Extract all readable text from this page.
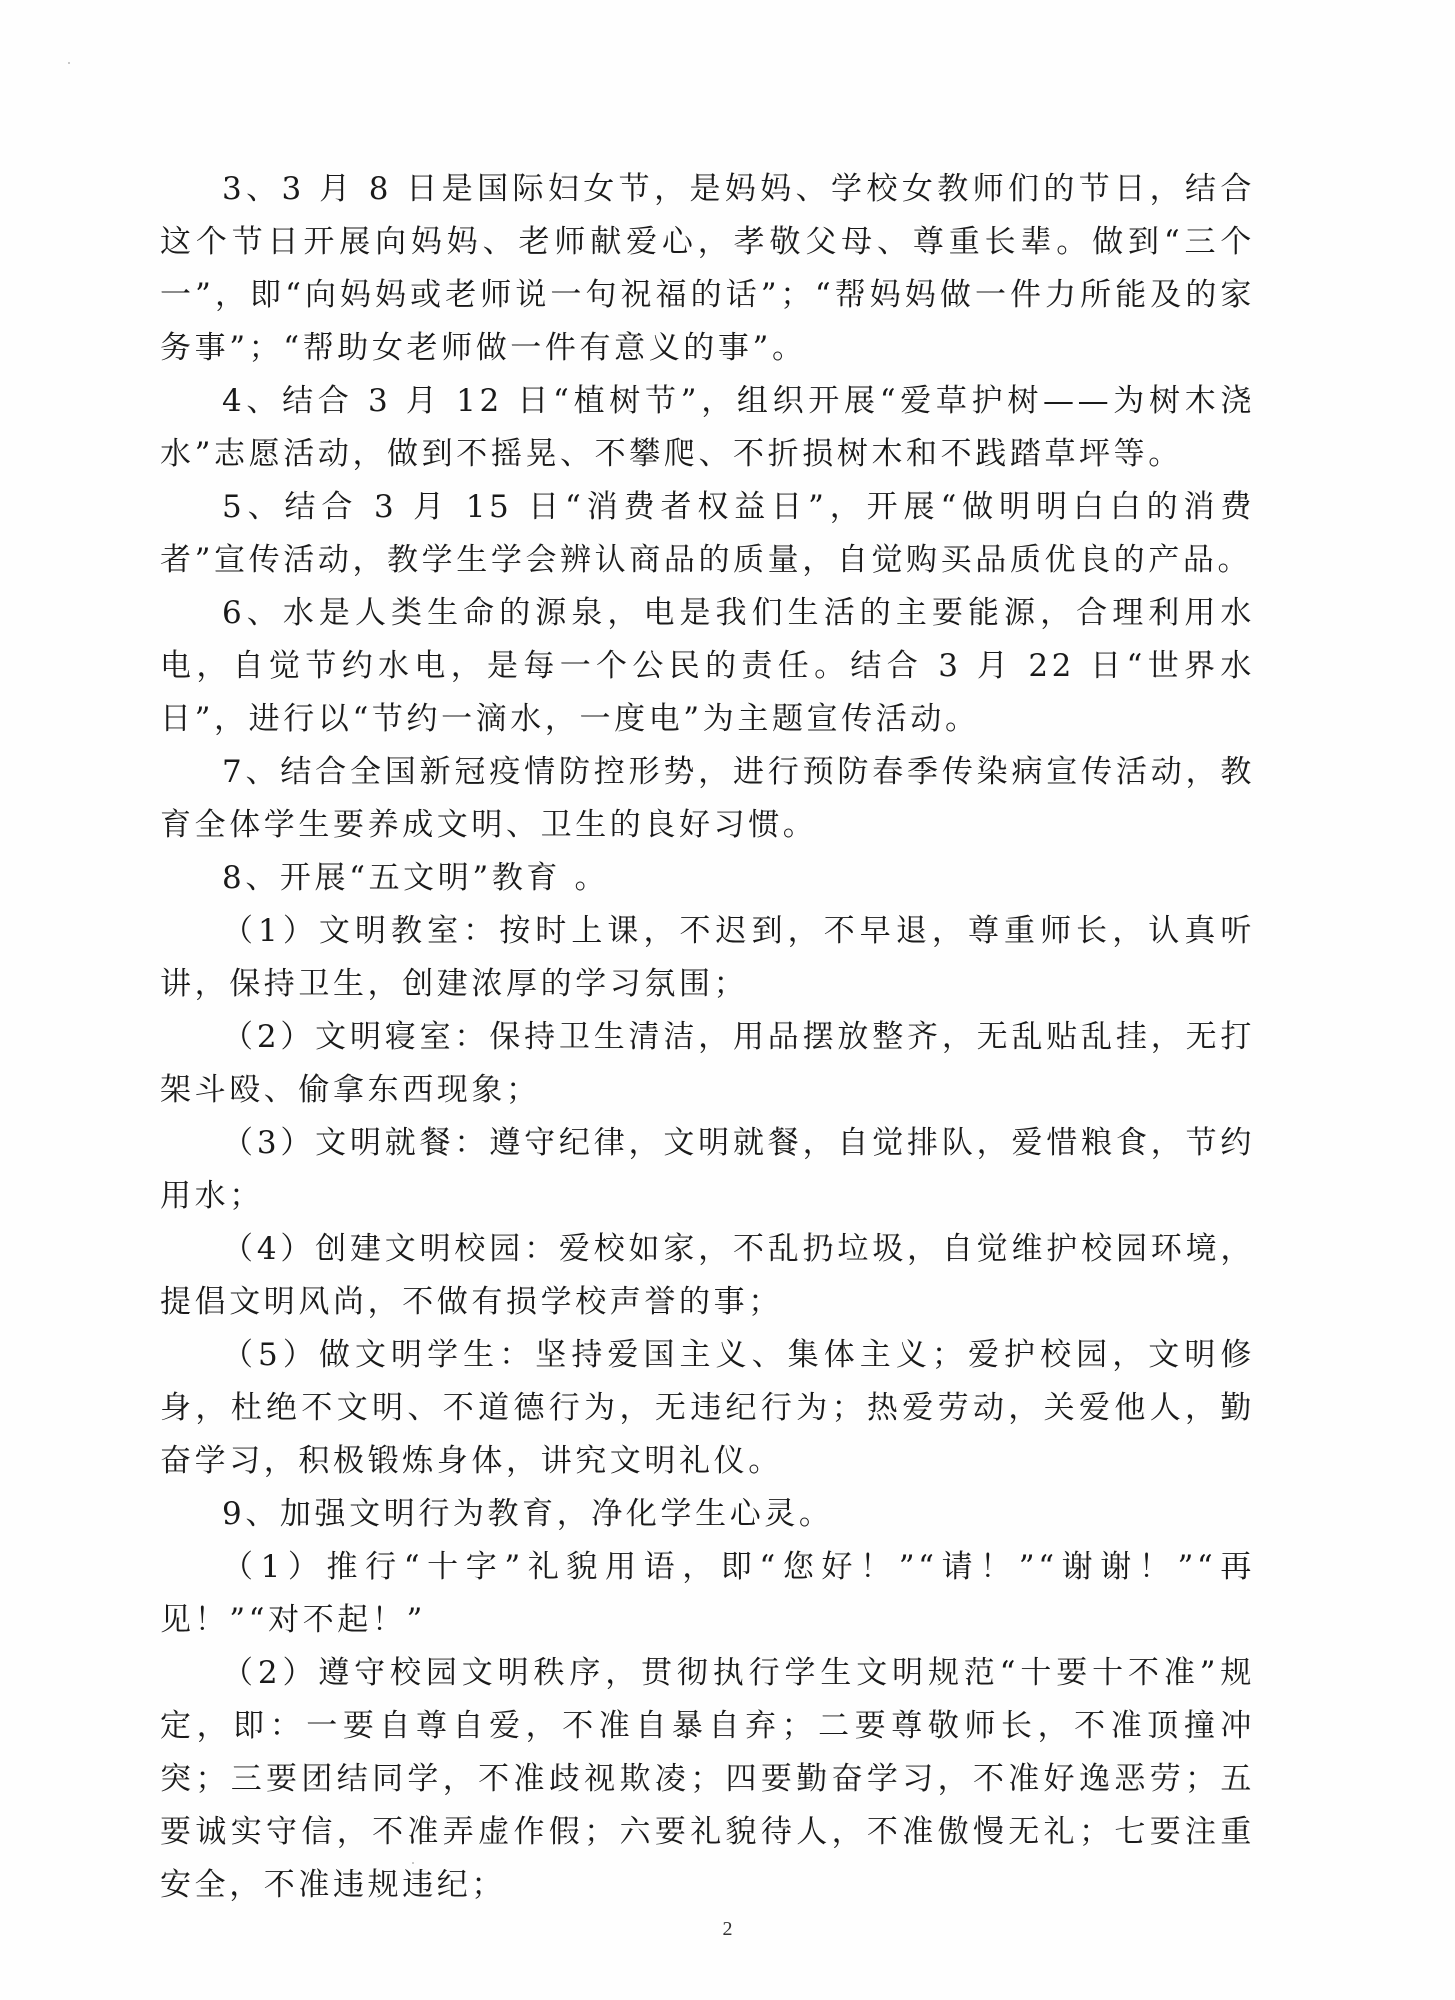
3、3 月 8 日是国际妇女节，是妈妈、学校女教师们的节日，结合这个节日开展向妈妈、老师献爱心，孝敬父母、尊重长辈。做到“三个一”，即“向妈妈或老师说一句祝福的话”；“帮妈妈做一件力所能及的家务事”；“帮助女老师做一件有意义的事”。

4、结合 3 月 12 日“植树节”，组织开展“爱草护树——为树木浇水”志愿活动，做到不摇晃、不攀爬、不折损树木和不践踏草坪等。

5、结合 3 月 15 日“消费者权益日”，开展“做明明白白的消费者”宣传活动，教学生学会辨认商品的质量，自觉购买品质优良的产品。

6、水是人类生命的源泉，电是我们生活的主要能源，合理利用水电，自觉节约水电，是每一个公民的责任。结合 3 月 22 日“世界水日”，进行以“节约一滴水，一度电”为主题宣传活动。

7、结合全国新冠疫情防控形势，进行预防春季传染病宣传活动，教育全体学生要养成文明、卫生的良好习惯。

8、开展“五文明”教育 。

（1）文明教室：按时上课，不迟到，不早退，尊重师长，认真听讲，保持卫生，创建浓厚的学习氛围；

（2）文明寝室：保持卫生清洁，用品摆放整齐，无乱贴乱挂，无打架斗殴、偷拿东西现象；

（3）文明就餐：遵守纪律，文明就餐，自觉排队，爱惜粮食，节约用水；

（4）创建文明校园：爱校如家，不乱扔垃圾，自觉维护校园环境，提倡文明风尚，不做有损学校声誉的事；

（5）做文明学生：坚持爱国主义、集体主义；爱护校园，文明修身，杜绝不文明、不道德行为，无违纪行为；热爱劳动，关爱他人，勤奋学习，积极锻炼身体，讲究文明礼仪。

9、加强文明行为教育，净化学生心灵。

（1）推行“十字”礼貌用语，即“您好！”“请！”“谢谢！”“再见！”“对不起！”

（2）遵守校园文明秩序，贯彻执行学生文明规范“十要十不准”规定，即：一要自尊自爱，不准自暴自弃；二要尊敬师长，不准顶撞冲突；三要团结同学，不准歧视欺凌；四要勤奋学习，不准好逸恶劳；五要诚实守信，不准弄虚作假；六要礼貌待人，不准傲慢无礼；七要注重安全，不准违规违纪；

2
